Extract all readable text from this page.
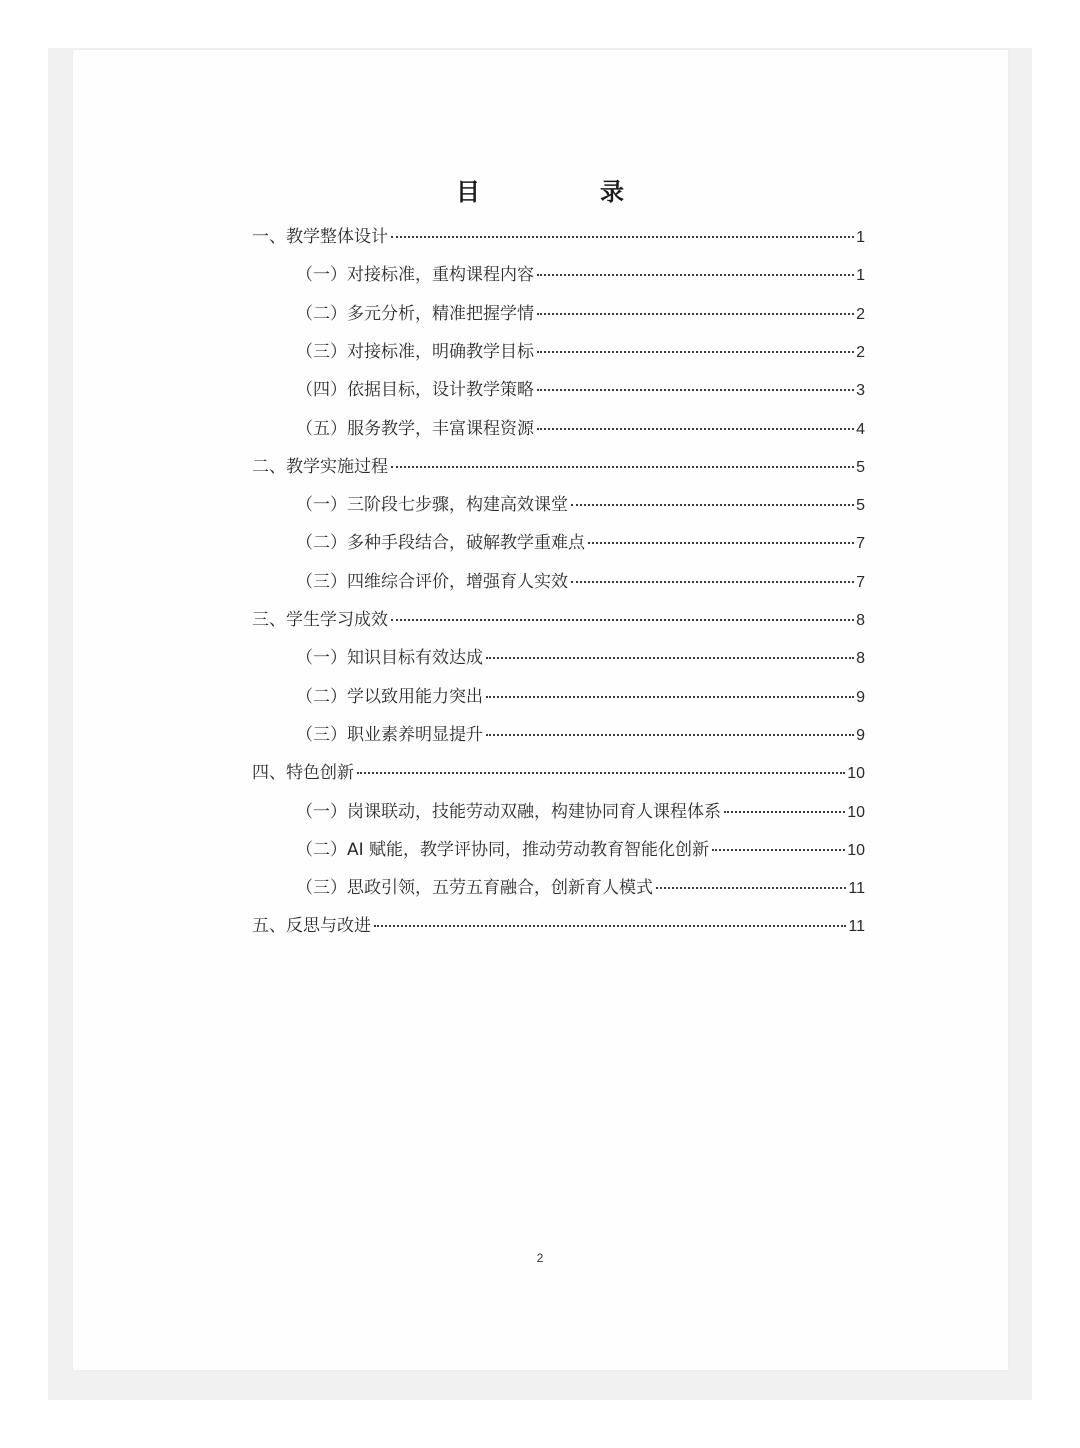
目　录
一、教学整体设计	1
（一）对接标准，重构课程内容	1
（二）多元分析，精准把握学情	2
（三）对接标准，明确教学目标	2
（四）依据目标，设计教学策略	3
（五）服务教学，丰富课程资源	4
二、教学实施过程	5
（一）三阶段七步骤，构建高效课堂	5
（二）多种手段结合，破解教学重难点	7
（三）四维综合评价，增强育人实效	7
三、学生学习成效	8
（一）知识目标有效达成	8
（二）学以致用能力突出	9
（三）职业素养明显提升	9
四、特色创新	10
（一）岗课联动，技能劳动双融，构建协同育人课程体系	10
（二）AI 赋能，教学评协同，推动劳动教育智能化创新	10
（三）思政引领，五劳五育融合，创新育人模式	11
五、反思与改进	11
2
